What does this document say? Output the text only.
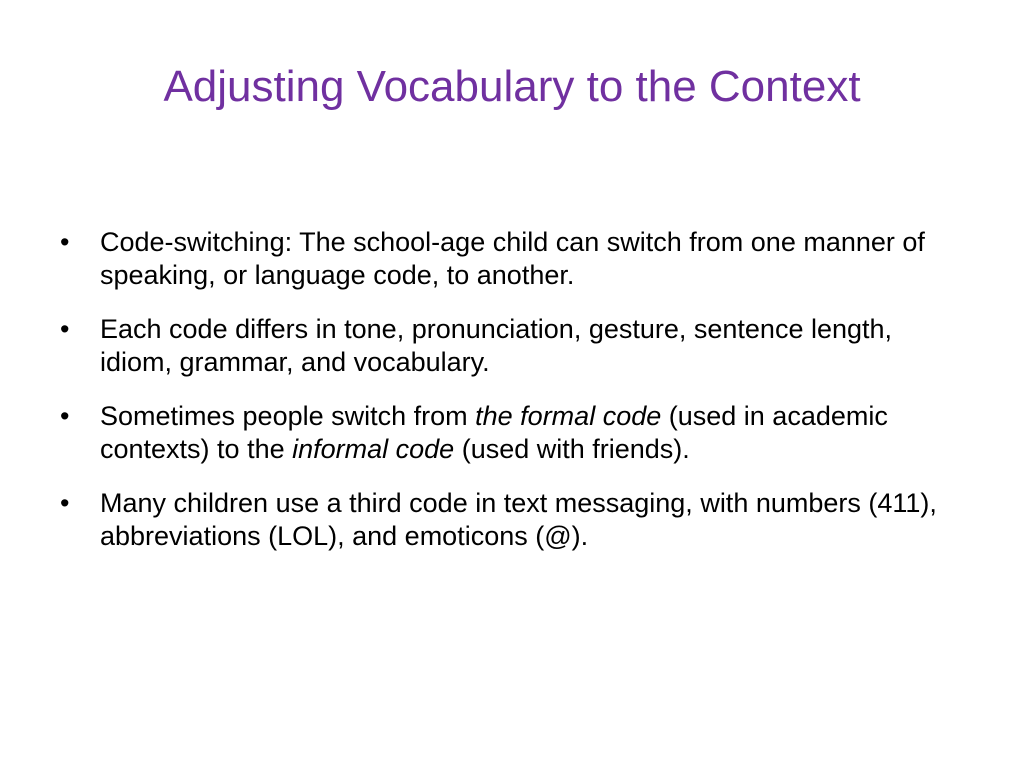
Adjusting Vocabulary to the Context
•	Code-switching: The school-age child can switch from one manner of speaking, or language code, to another.
•	Each code differs in tone, pronunciation, gesture, sentence length, idiom, grammar, and vocabulary.
•	Sometimes people switch from the formal code (used in academic contexts) to the informal code (used with friends).
•	Many children use a third code in text messaging, with numbers (411), abbreviations (LOL), and emoticons (@).
